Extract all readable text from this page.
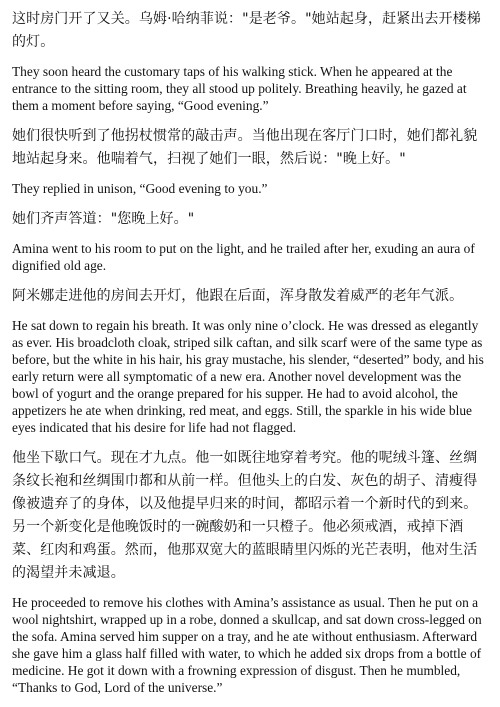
这时房门开了又关。乌姆·哈纳菲说："是老爷。"她站起身，赶紧出去开楼梯的灯。

They soon heard the customary taps of his walking stick. When he appeared at the entrance to the sitting room, they all stood up politely. Breathing heavily, he gazed at them a moment before saying, “Good evening.”

她们很快听到了他拐杖惯常的敲击声。当他出现在客厅门口时，她们都礼貌地站起身来。他喘着气，扫视了她们一眼，然后说："晚上好。"

They replied in unison, “Good evening to you.”

她们齐声答道："您晚上好。"

Amina went to his room to put on the light, and he trailed after her, exuding an aura of dignified old age.

阿米娜走进他的房间去开灯，他跟在后面，浑身散发着威严的老年气派。

He sat down to regain his breath. It was only nine o’clock. He was dressed as elegantly as ever. His broadcloth cloak, striped silk caftan, and silk scarf were of the same type as before, but the white in his hair, his gray mustache, his slender, “deserted” body, and his early return were all symptomatic of a new era. Another novel development was the bowl of yogurt and the orange prepared for his supper. He had to avoid alcohol, the appetizers he ate when drinking, red meat, and eggs. Still, the sparkle in his wide blue eyes indicated that his desire for life had not flagged.

他坐下歇口气。现在才九点。他一如既往地穿着考究。他的呢绒斗篷、丝绸条纹长袍和丝绸围巾都和从前一样。但他头上的白发、灰色的胡子、清瘦得像被遗弃了的身体，以及他提早归来的时间，都昭示着一个新时代的到来。另一个新变化是他晚饭时的一碗酸奶和一只橙子。他必须戒酒，戒掉下酒菜、红肉和鸡蛋。然而，他那双宽大的蓝眼睛里闪烁的光芒表明，他对生活的渴望并未减退。

He proceeded to remove his clothes with Amina’s assistance as usual. Then he put on a wool nightshirt, wrapped up in a robe, donned a skullcap, and sat down cross-legged on the sofa. Amina served him supper on a tray, and he ate without enthusiasm. Afterward she gave him a glass half filled with water, to which he added six drops from a bottle of medicine. He got it down with a frowning expression of disgust. Then he mumbled, “Thanks to God, Lord of the universe.”
